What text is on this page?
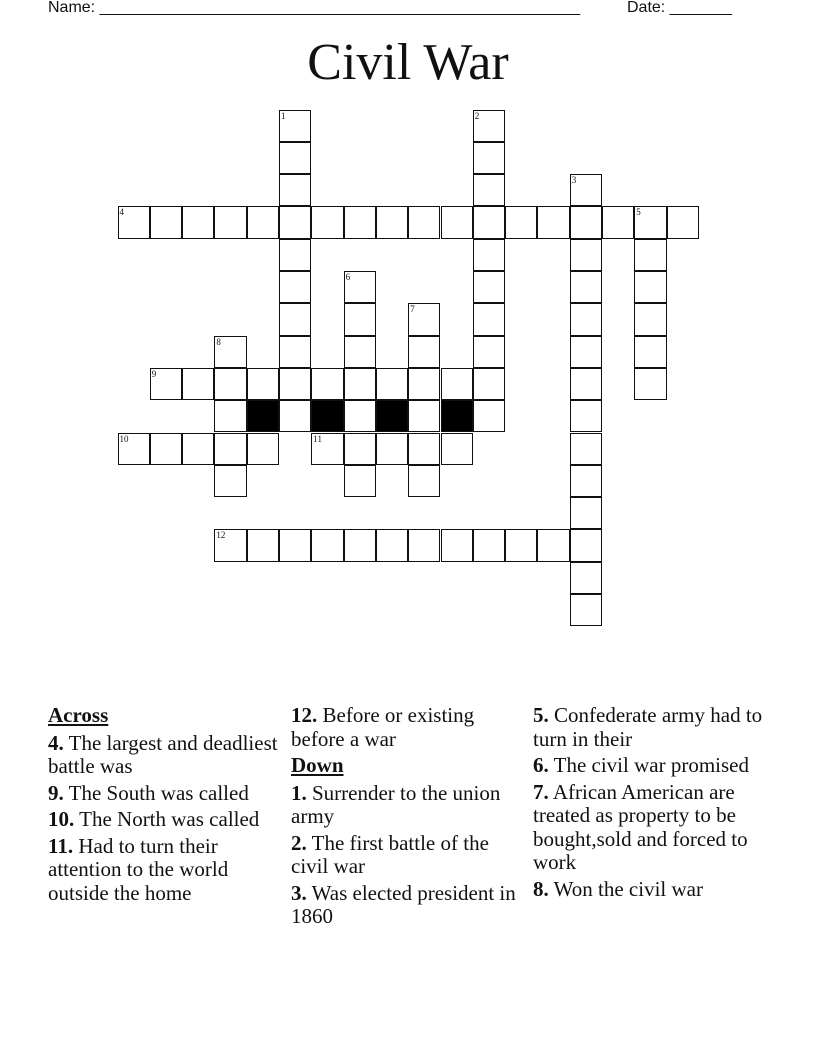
Name: ______________________________________________________	Date: _______
Civil War
1	2
3
4	5
6
7
8
9
10	11
12
Across
4. The largest and deadliest battle was
9. The South was called
10. The North was called
11. Had to turn their attention to the world outside the home
12. Before or existing before a war
Down
1. Surrender to the union army
2. The first battle of the civil war
3. Was elected president in 1860
5. Confederate army had to turn in their
6. The civil war promised
7. African American are treated as property to be bought,sold and forced to work
8. Won the civil war
